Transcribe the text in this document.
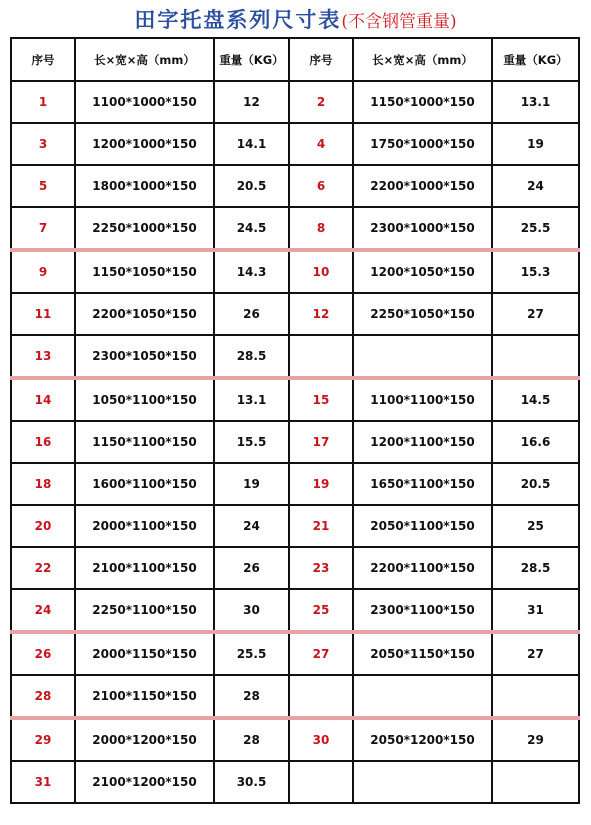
田字托盘系列尺寸表(不含钢管重量)
序号	长×宽×高（mm）	重量（KG）	序号	长×宽×高（mm）	重量（KG）
1	1100*1000*150	12	2	1150*1000*150	13.1
3	1200*1000*150	14.1	4	1750*1000*150	19
5	1800*1000*150	20.5	6	2200*1000*150	24
7	2250*1000*150	24.5	8	2300*1000*150	25.5
9	1150*1050*150	14.3	10	1200*1050*150	15.3
11	2200*1050*150	26	12	2250*1050*150	27
13	2300*1050*150	28.5			
14	1050*1100*150	13.1	15	1100*1100*150	14.5
16	1150*1100*150	15.5	17	1200*1100*150	16.6
18	1600*1100*150	19	19	1650*1100*150	20.5
20	2000*1100*150	24	21	2050*1100*150	25
22	2100*1100*150	26	23	2200*1100*150	28.5
24	2250*1100*150	30	25	2300*1100*150	31
26	2000*1150*150	25.5	27	2050*1150*150	27
28	2100*1150*150	28			
29	2000*1200*150	28	30	2050*1200*150	29
31	2100*1200*150	30.5			
